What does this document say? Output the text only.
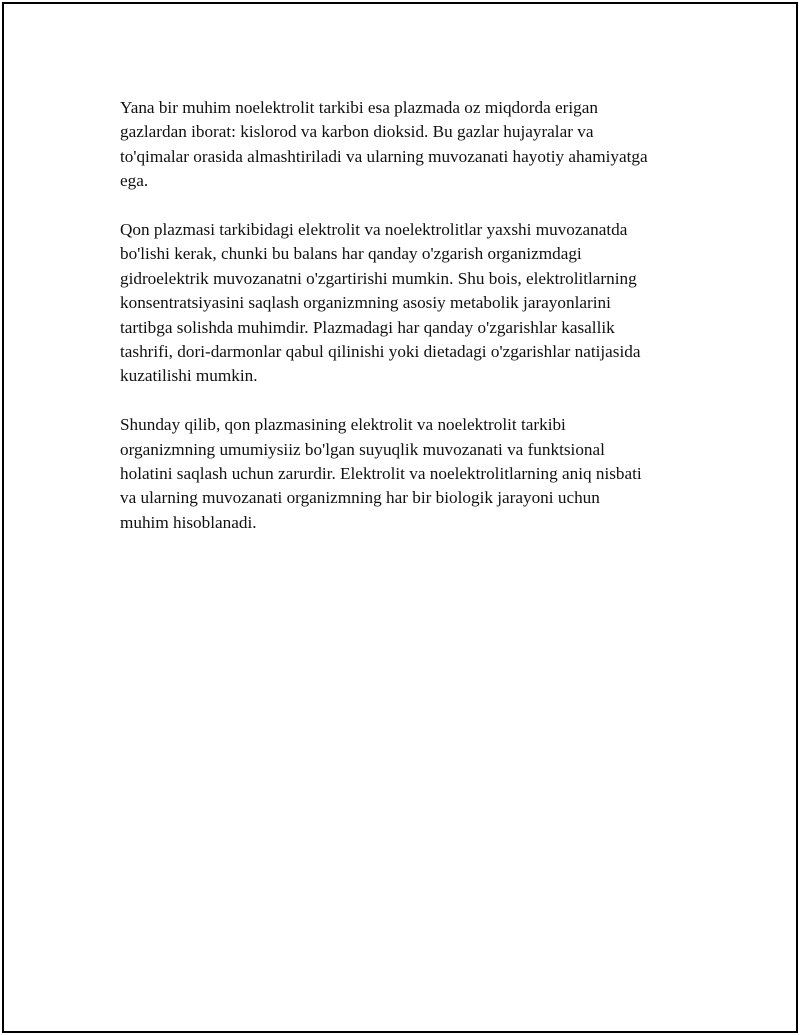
Yana bir muhim noelektrolit tarkibi esa plazmada oz miqdorda erigan
gazlardan iborat: kislorod va karbon dioksid. Bu gazlar hujayralar va
to'qimalar orasida almashtiriladi va ularning muvozanati hayotiy ahamiyatga
ega.

Qon plazmasi tarkibidagi elektrolit va noelektrolitlar yaxshi muvozanatda
bo'lishi kerak, chunki bu balans har qanday o'zgarish organizmdagi
gidroelektrik muvozanatni o'zgartirishi mumkin. Shu bois, elektrolitlarning
konsentratsiyasini saqlash organizmning asosiy metabolik jarayonlarini
tartibga solishda muhimdir. Plazmadagi har qanday o'zgarishlar kasallik
tashrifi, dori-darmonlar qabul qilinishi yoki dietadagi o'zgarishlar natijasida
kuzatilishi mumkin.

Shunday qilib, qon plazmasining elektrolit va noelektrolit tarkibi
organizmning umumiysiiz bo'lgan suyuqlik muvozanati va funktsional
holatini saqlash uchun zarurdir. Elektrolit va noelektrolitlarning aniq nisbati
va ularning muvozanati organizmning har bir biologik jarayoni uchun
muhim hisoblanadi.
